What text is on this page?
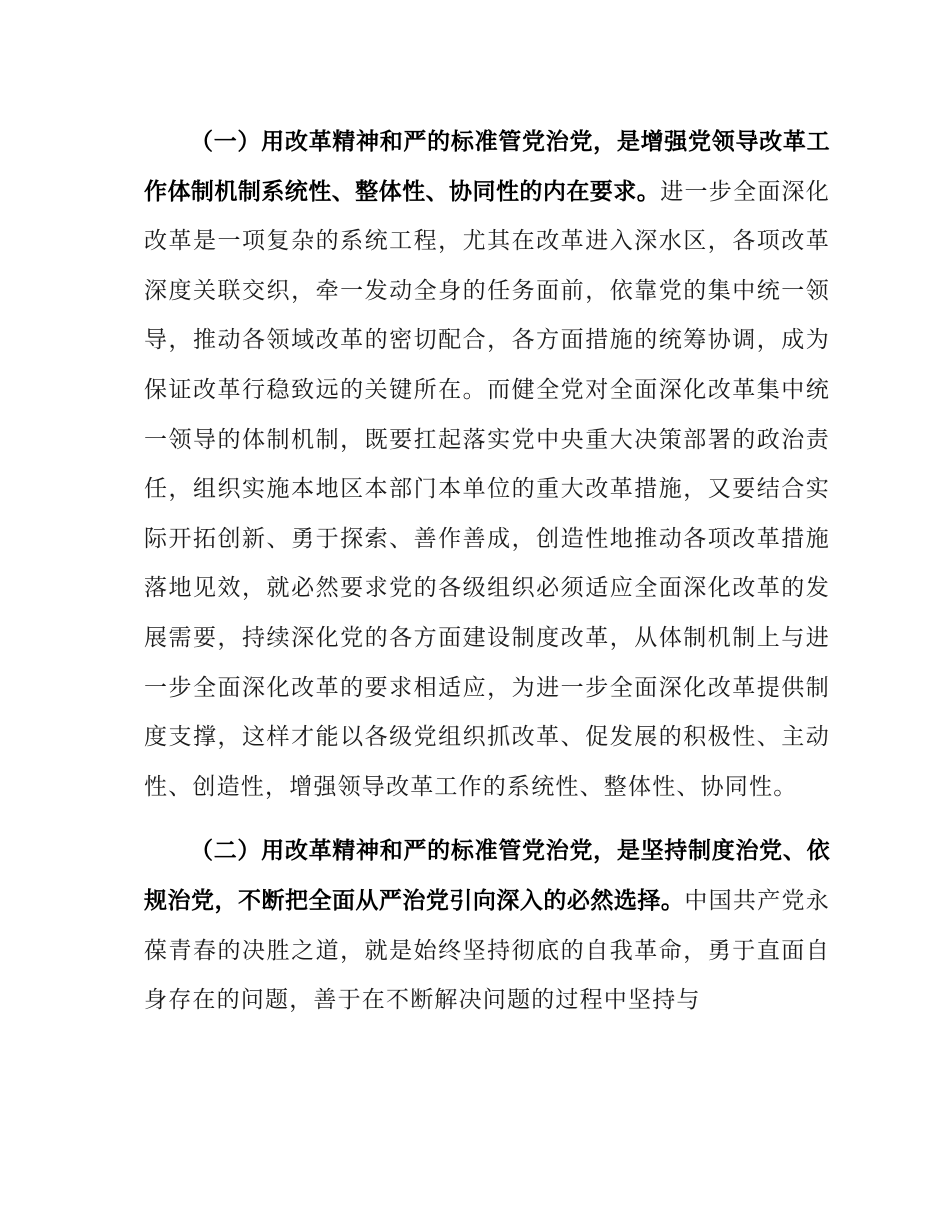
（一）用改革精神和严的标准管党治党，是增强党领导改革工作体制机制系统性、整体性、协同性的内在要求。进一步全面深化改革是一项复杂的系统工程，尤其在改革进入深水区，各项改革深度关联交织，牵一发动全身的任务面前，依靠党的集中统一领导，推动各领域改革的密切配合，各方面措施的统筹协调，成为保证改革行稳致远的关键所在。而健全党对全面深化改革集中统一领导的体制机制，既要扛起落实党中央重大决策部署的政治责任，组织实施本地区本部门本单位的重大改革措施，又要结合实际开拓创新、勇于探索、善作善成，创造性地推动各项改革措施落地见效，就必然要求党的各级组织必须适应全面深化改革的发展需要，持续深化党的各方面建设制度改革，从体制机制上与进一步全面深化改革的要求相适应，为进一步全面深化改革提供制度支撑，这样才能以各级党组织抓改革、促发展的积极性、主动性、创造性，增强领导改革工作的系统性、整体性、协同性。

（二）用改革精神和严的标准管党治党，是坚持制度治党、依规治党，不断把全面从严治党引向深入的必然选择。中国共产党永葆青春的决胜之道，就是始终坚持彻底的自我革命，勇于直面自身存在的问题，善于在不断解决问题的过程中坚持与
